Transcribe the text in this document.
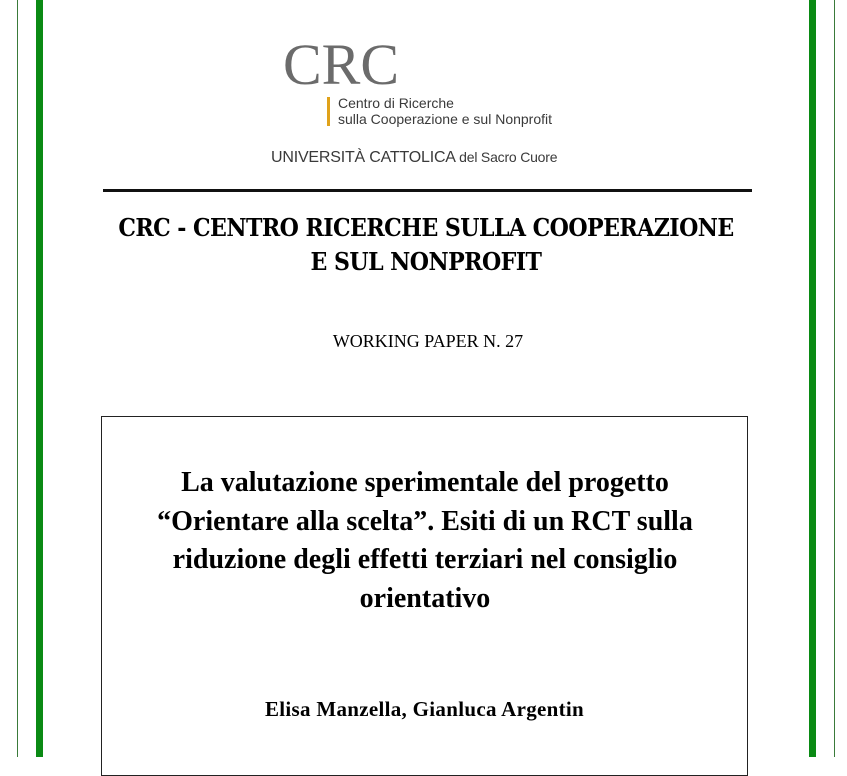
CRC
Centro di Ricerche
sulla Cooperazione e sul Nonprofit
UNIVERSITÀ CATTOLICA del Sacro Cuore
CRC - CENTRO RICERCHE SULLA COOPERAZIONE
E SUL NONPROFIT
WORKING PAPER N. 27
La valutazione sperimentale del progetto
“Orientare alla scelta”. Esiti di un RCT sulla
riduzione degli effetti terziari nel consiglio
orientativo
Elisa Manzella, Gianluca Argentin
